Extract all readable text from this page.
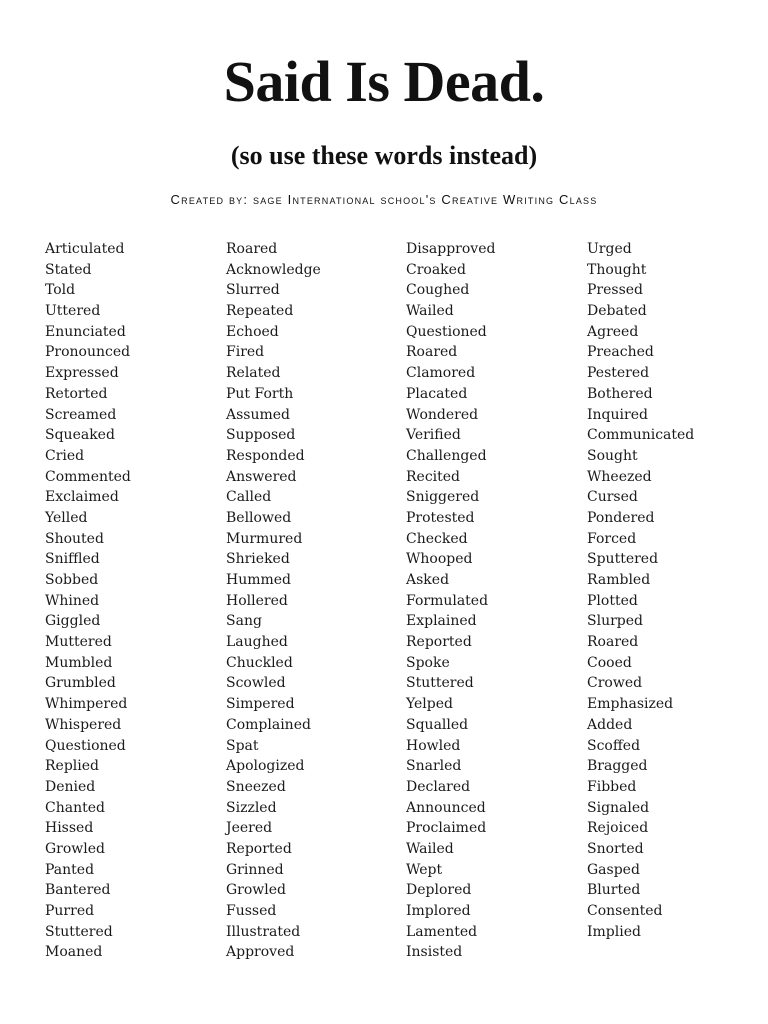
Said Is Dead.
(so use these words instead)

Created by: sage International school's Creative Writing Class

Articulated
Stated
Told
Uttered
Enunciated
Pronounced
Expressed
Retorted
Screamed
Squeaked
Cried
Commented
Exclaimed
Yelled
Shouted
Sniffled
Sobbed
Whined
Giggled
Muttered
Mumbled
Grumbled
Whimpered
Whispered
Questioned
Replied
Denied
Chanted
Hissed
Growled
Panted
Bantered
Purred
Stuttered
Moaned
Roared
Acknowledge
Slurred
Repeated
Echoed
Fired
Related
Put Forth
Assumed
Supposed
Responded
Answered
Called
Bellowed
Murmured
Shrieked
Hummed
Hollered
Sang
Laughed
Chuckled
Scowled
Simpered
Complained
Spat
Apologized
Sneezed
Sizzled
Jeered
Reported
Grinned
Growled
Fussed
Illustrated
Approved
Disapproved
Croaked
Coughed
Wailed
Questioned
Roared
Clamored
Placated
Wondered
Verified
Challenged
Recited
Sniggered
Protested
Checked
Whooped
Asked
Formulated
Explained
Reported
Spoke
Stuttered
Yelped
Squalled
Howled
Snarled
Declared
Announced
Proclaimed
Wailed
Wept
Deplored
Implored
Lamented
Insisted
Urged
Thought
Pressed
Debated
Agreed
Preached
Pestered
Bothered
Inquired
Communicated
Sought
Wheezed
Cursed
Pondered
Forced
Sputtered
Rambled
Plotted
Slurped
Roared
Cooed
Crowed
Emphasized
Added
Scoffed
Bragged
Fibbed
Signaled
Rejoiced
Snorted
Gasped
Blurted
Consented
Implied
